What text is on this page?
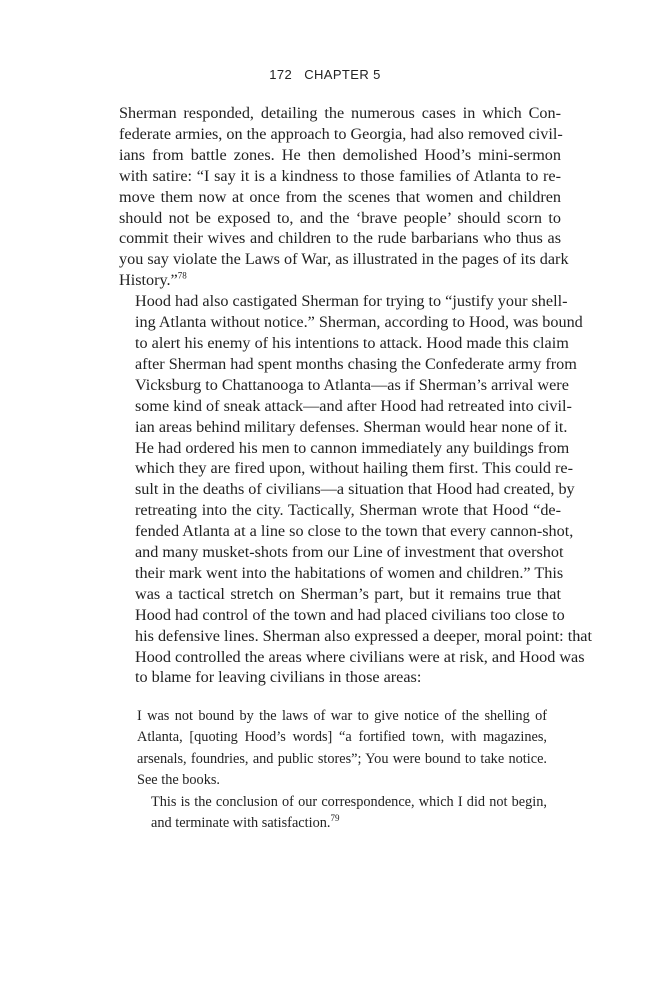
172 CHAPTER 5

Sherman responded, detailing the numerous cases in which Con-
federate armies, on the approach to Georgia, had also removed civil-
ians from battle zones. He then demolished Hood’s mini-sermon
with satire: “I say it is a kindness to those families of Atlanta to re-
move them now at once from the scenes that women and children
should not be exposed to, and the ‘brave people’ should scorn to
commit their wives and children to the rude barbarians who thus as
you say violate the Laws of War, as illustrated in the pages of its dark
History.”$^{78}$

Hood had also castigated Sherman for trying to “justify your shell-
ing Atlanta without notice.” Sherman, according to Hood, was bound
to alert his enemy of his intentions to attack. Hood made this claim
after Sherman had spent months chasing the Confederate army from
Vicksburg to Chattanooga to Atlanta—as if Sherman’s arrival were
some kind of sneak attack—and after Hood had retreated into civil-
ian areas behind military defenses. Sherman would hear none of it.
He had ordered his men to cannon immediately any buildings from
which they are fired upon, without hailing them first. This could re-
sult in the deaths of civilians—a situation that Hood had created, by
retreating into the city. Tactically, Sherman wrote that Hood “de-
fended Atlanta at a line so close to the town that every cannon-shot,
and many musket-shots from our Line of investment that overshot
their mark went into the habitations of women and children.” This
was a tactical stretch on Sherman’s part, but it remains true that
Hood had control of the town and had placed civilians too close to
his defensive lines. Sherman also expressed a deeper, moral point: that
Hood controlled the areas where civilians were at risk, and Hood was
to blame for leaving civilians in those areas:

I was not bound by the laws of war to give notice of the shelling of
Atlanta, [quoting Hood’s words] “a fortified town, with magazines,
arsenals, foundries, and public stores”; You were bound to take notice.
See the books.

This is the conclusion of our correspondence, which I did not begin,
and terminate with satisfaction.$^{79}$
